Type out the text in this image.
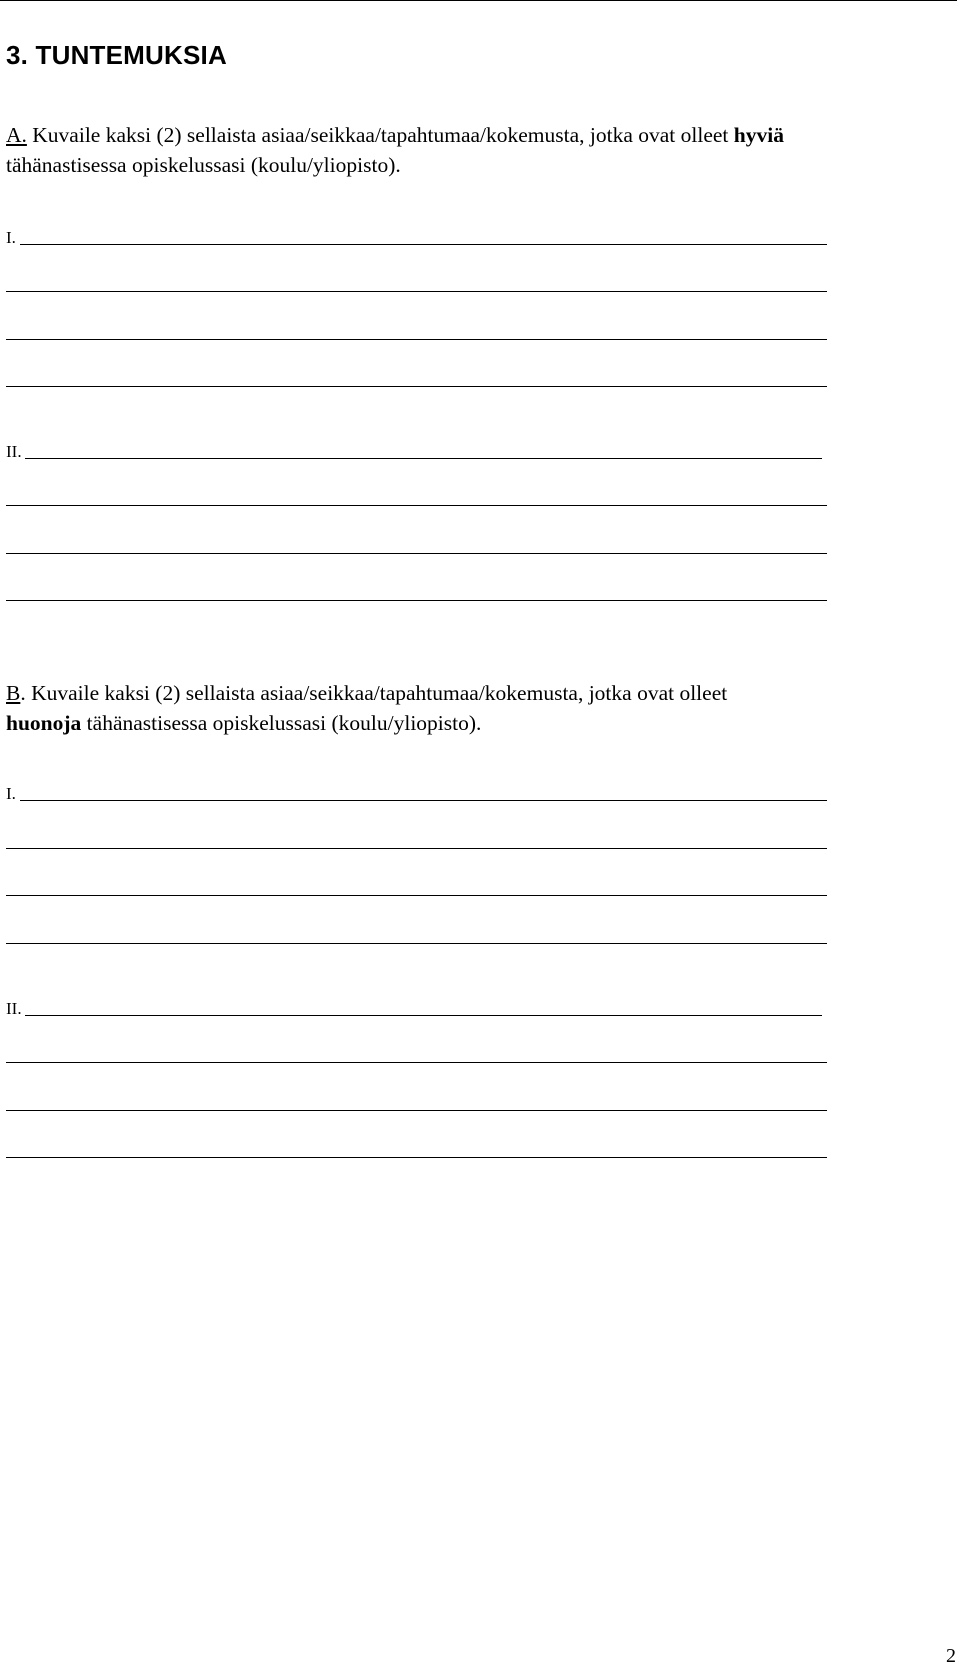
3. TUNTEMUKSIA
A. Kuvaile kaksi (2) sellaista asiaa/seikkaa/tapahtumaa/kokemusta, jotka ovat olleet hyviä
tähänastisessa opiskelussasi (koulu/yliopisto).
I.
II.
B. Kuvaile kaksi (2) sellaista asiaa/seikkaa/tapahtumaa/kokemusta, jotka ovat olleet
huonoja tähänastisessa opiskelussasi (koulu/yliopisto).
I.
II.
2
